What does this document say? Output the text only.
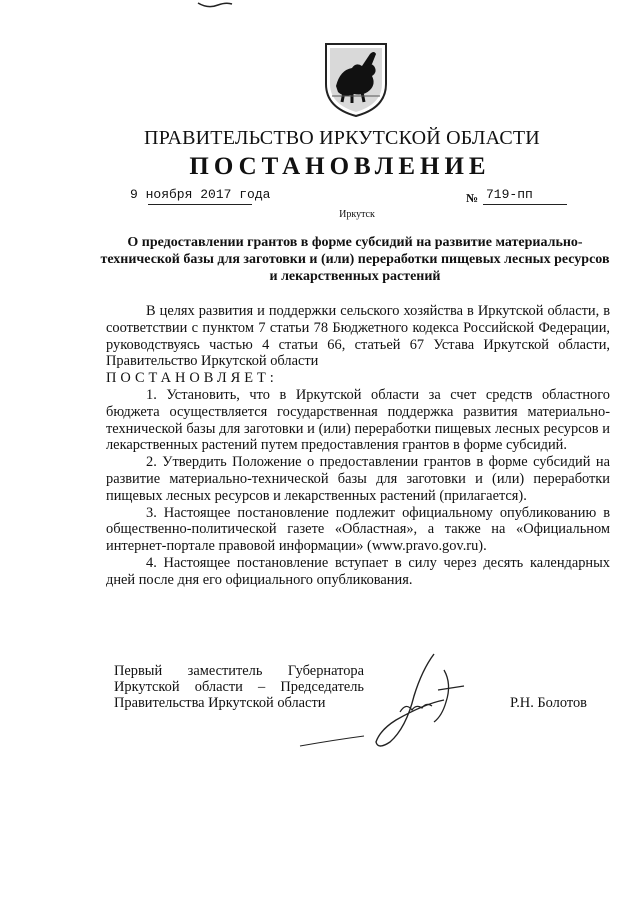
ПРАВИТЕЛЬСТВО ИРКУТСКОЙ ОБЛАСТИ
ПОСТАНОВЛЕНИЕ
9 ноября 2017 года	№ 719-пп
Иркутск
О предоставлении грантов в форме субсидий на развитие материально-технической базы для заготовки и (или) переработки пищевых лесных ресурсов и лекарственных растений

В целях развития и поддержки сельского хозяйства в Иркутской области, в соответствии с пунктом 7 статьи 78 Бюджетного кодекса Российской Федерации, руководствуясь частью 4 статьи 66, статьей 67 Устава Иркутской области, Правительство Иркутской области

ПОСТАНОВЛЯЕТ:

1. Установить, что в Иркутской области за счет средств областного бюджета осуществляется государственная поддержка развития материально-технической базы для заготовки и (или) переработки пищевых лесных ресурсов и лекарственных растений путем предоставления грантов в форме субсидий.

2. Утвердить Положение о предоставлении грантов в форме субсидий на развитие материально-технической базы для заготовки и (или) переработки пищевых лесных ресурсов и лекарственных растений (прилагается).

3. Настоящее постановление подлежит официальному опубликованию в общественно-политической газете «Областная», а также на «Официальном интернет-портале правовой информации» (www.pravo.gov.ru).

4. Настоящее постановление вступает в силу через десять календарных дней после дня его официального опубликования.

Первый заместитель Губернатора
Иркутской области – Председатель
Правительства Иркутской области	Р.Н. Болотов
